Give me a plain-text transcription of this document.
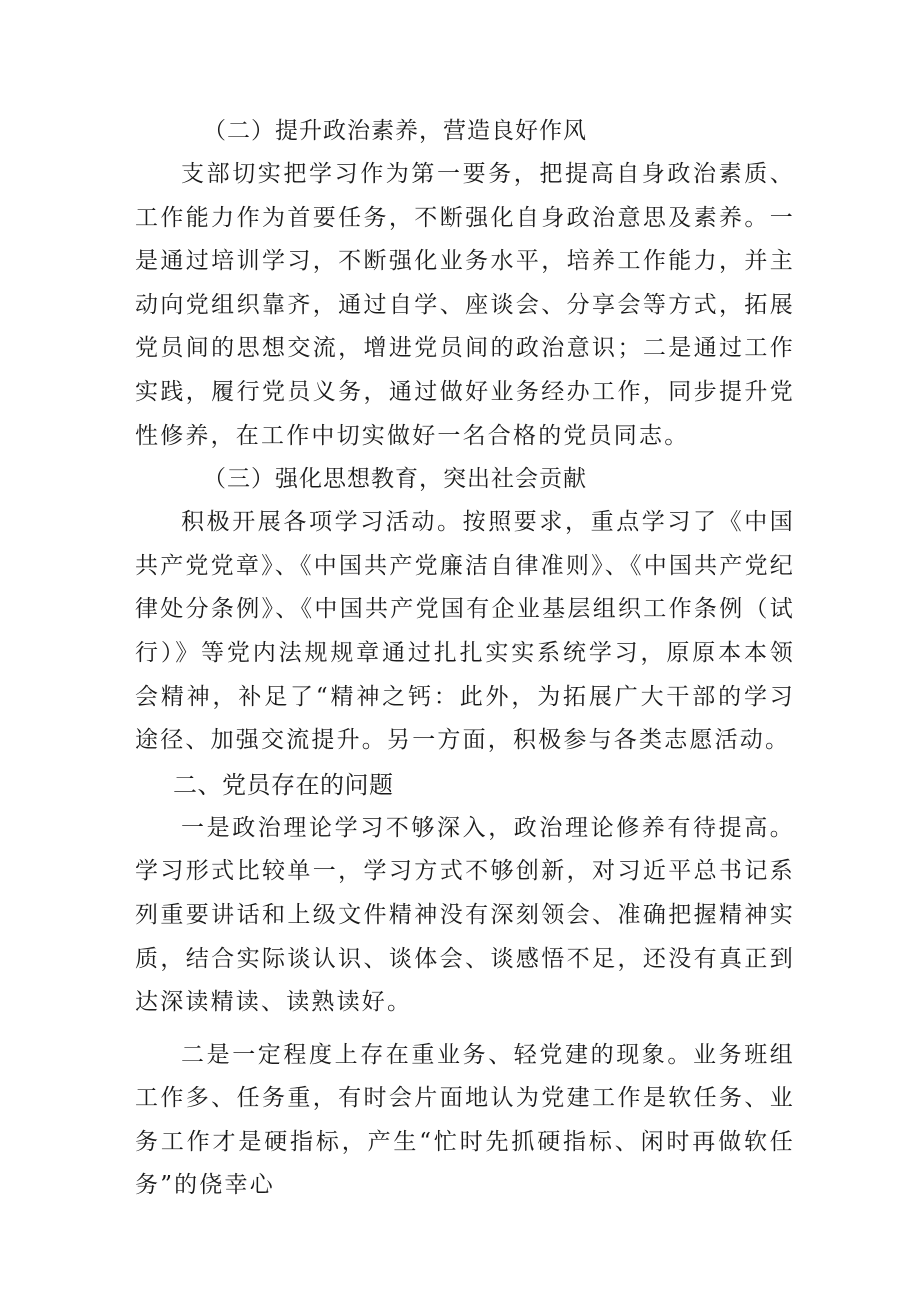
（二）提升政治素养，营造良好作风

支部切实把学习作为第一要务，把提高自身政治素质、工作能力作为首要任务，不断强化自身政治意思及素养。一是通过培训学习，不断强化业务水平，培养工作能力，并主动向党组织靠齐，通过自学、座谈会、分享会等方式，拓展党员间的思想交流，增进党员间的政治意识；二是通过工作实践，履行党员义务，通过做好业务经办工作，同步提升党性修养，在工作中切实做好一名合格的党员同志。

（三）强化思想教育，突出社会贡献

积极开展各项学习活动。按照要求，重点学习了《中国共产党党章》、《中国共产党廉洁自律准则》、《中国共产党纪律处分条例》、《中国共产党国有企业基层组织工作条例（试行）》等党内法规规章通过扎扎实实系统学习，原原本本领会精神，补足了“精神之钙：此外，为拓展广大干部的学习途径、加强交流提升。另一方面，积极参与各类志愿活动。

二、党员存在的问题

一是政治理论学习不够深入，政治理论修养有待提高。学习形式比较单一，学习方式不够创新，对习近平总书记系列重要讲话和上级文件精神没有深刻领会、准确把握精神实质，结合实际谈认识、谈体会、谈感悟不足，还没有真正到达深读精读、读熟读好。

二是一定程度上存在重业务、轻党建的现象。业务班组工作多、任务重，有时会片面地认为党建工作是软任务、业务工作才是硬指标，产生“忙时先抓硬指标、闲时再做软任务”的侥幸心
